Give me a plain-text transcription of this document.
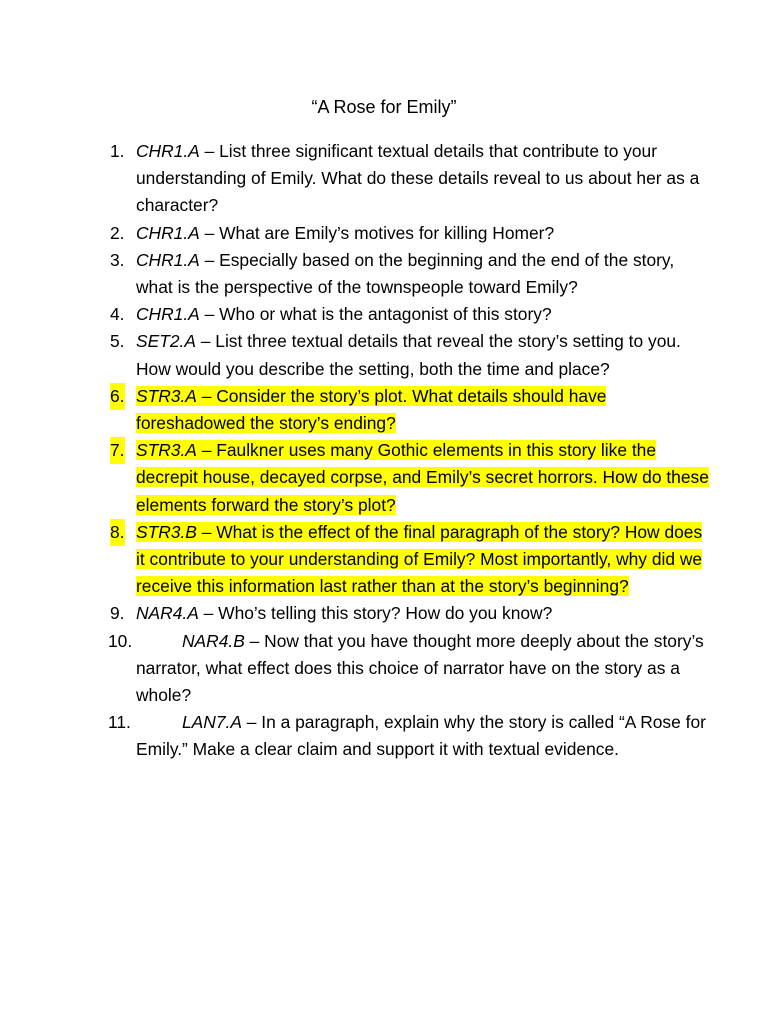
“A Rose for Emily”
1. CHR1.A – List three significant textual details that contribute to your understanding of Emily. What do these details reveal to us about her as a character?
2. CHR1.A – What are Emily’s motives for killing Homer?
3. CHR1.A – Especially based on the beginning and the end of the story, what is the perspective of the townspeople toward Emily?
4. CHR1.A – Who or what is the antagonist of this story?
5. SET2.A – List three textual details that reveal the story’s setting to you. How would you describe the setting, both the time and place?
6. STR3.A – Consider the story’s plot. What details should have foreshadowed the story’s ending?
7. STR3.A – Faulkner uses many Gothic elements in this story like the decrepit house, decayed corpse, and Emily’s secret horrors. How do these elements forward the story’s plot?
8. STR3.B – What is the effect of the final paragraph of the story? How does it contribute to your understanding of Emily? Most importantly, why did we receive this information last rather than at the story’s beginning?
9. NAR4.A – Who’s telling this story? How do you know?
10.	NAR4.B – Now that you have thought more deeply about the story’s narrator, what effect does this choice of narrator have on the story as a whole?
11.	LAN7.A – In a paragraph, explain why the story is called “A Rose for Emily.” Make a clear claim and support it with textual evidence.
